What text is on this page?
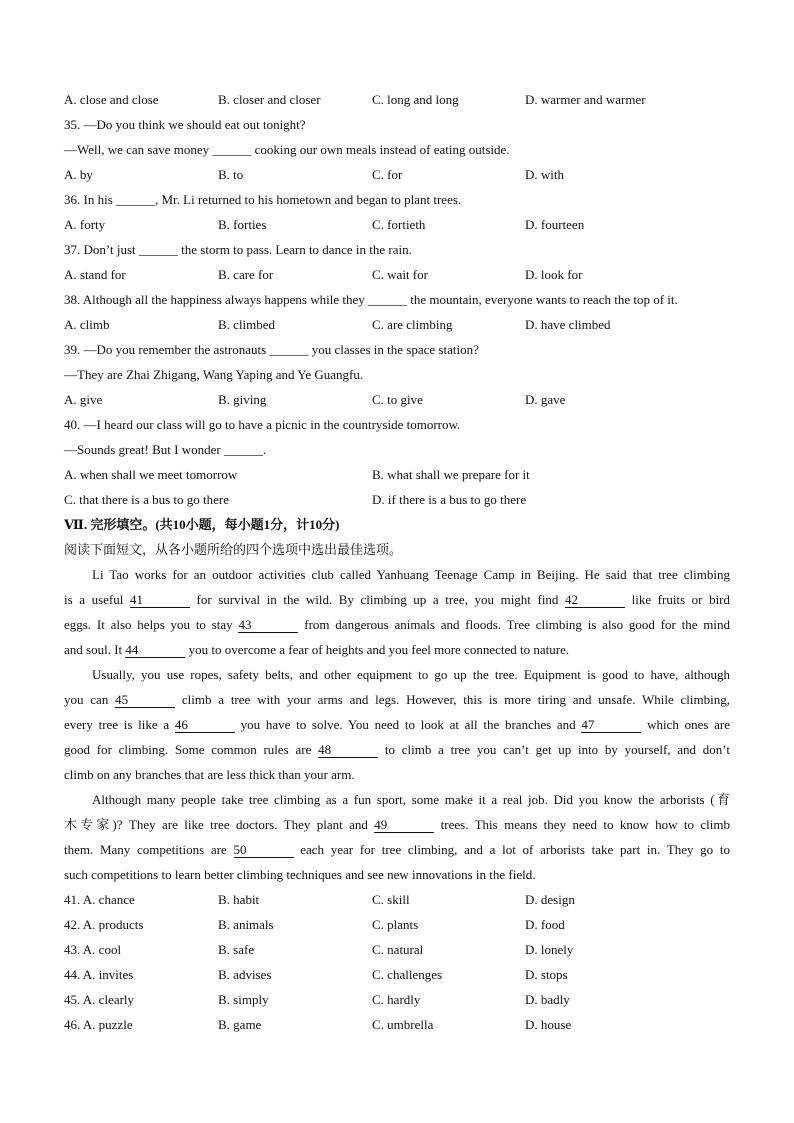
A. close and close	B. closer and closer	C. long and long	D. warmer and warmer
35. —Do you think we should eat out tonight?
—Well, we can save money ______ cooking our own meals instead of eating outside.
A. by	B. to	C. for	D. with
36. In his ______, Mr. Li returned to his hometown and began to plant trees.
A. forty	B. forties	C. fortieth	D. fourteen
37. Don’t just ______ the storm to pass. Learn to dance in the rain.
A. stand for	B. care for	C. wait for	D. look for
38. Although all the happiness always happens while they ______ the mountain, everyone wants to reach the top of it.
A. climb	B. climbed	C. are climbing	D. have climbed
39. —Do you remember the astronauts ______ you classes in the space station?
—They are Zhai Zhigang, Wang Yaping and Ye Guangfu.
A. give	B. giving	C. to give	D. gave
40. —I heard our class will go to have a picnic in the countryside tomorrow.
—Sounds great! But I wonder ______.
A. when shall we meet tomorrow	B. what shall we prepare for it
C. that there is a bus to go there	D. if there is a bus to go there
Ⅶ. 完形填空。(共10小题，每小题1分，计10分)
阅读下面短文，从各小题所给的四个选项中选出最佳选项。
Li Tao works for an outdoor activities club called Yanhuang Teenage Camp in Beijing. He said that tree climbing
is a useful 41	for survival in the wild. By climbing up a tree, you might find 42	like fruits or bird
eggs. It also helps you to stay 43	from dangerous animals and floods. Tree climbing is also good for the mind
and soul. It 44	you to overcome a fear of heights and you feel more connected to nature.
Usually, you use ropes, safety belts, and other equipment to go up the tree. Equipment is good to have, although
you can 45	climb a tree with your arms and legs. However, this is more tiring and unsafe. While climbing,
every tree is like a 46	you have to solve. You need to look at all the branches and 47	which ones are
good for climbing. Some common rules are 48	to climb a tree you can’t get up into by yourself, and don’t
climb on any branches that are less thick than your arm.
Although many people take tree climbing as a fun sport, some make it a real job. Did you know the arborists (育
木专家)? They are like tree doctors. They plant and 49	trees. This means they need to know how to climb
them. Many competitions are 50	each year for tree climbing, and a lot of arborists take part in. They go to
such competitions to learn better climbing techniques and see new innovations in the field.
41. A. chance	B. habit	C. skill	D. design
42. A. products	B. animals	C. plants	D. food
43. A. cool	B. safe	C. natural	D. lonely
44. A. invites	B. advises	C. challenges	D. stops
45. A. clearly	B. simply	C. hardly	D. badly
46. A. puzzle	B. game	C. umbrella	D. house
